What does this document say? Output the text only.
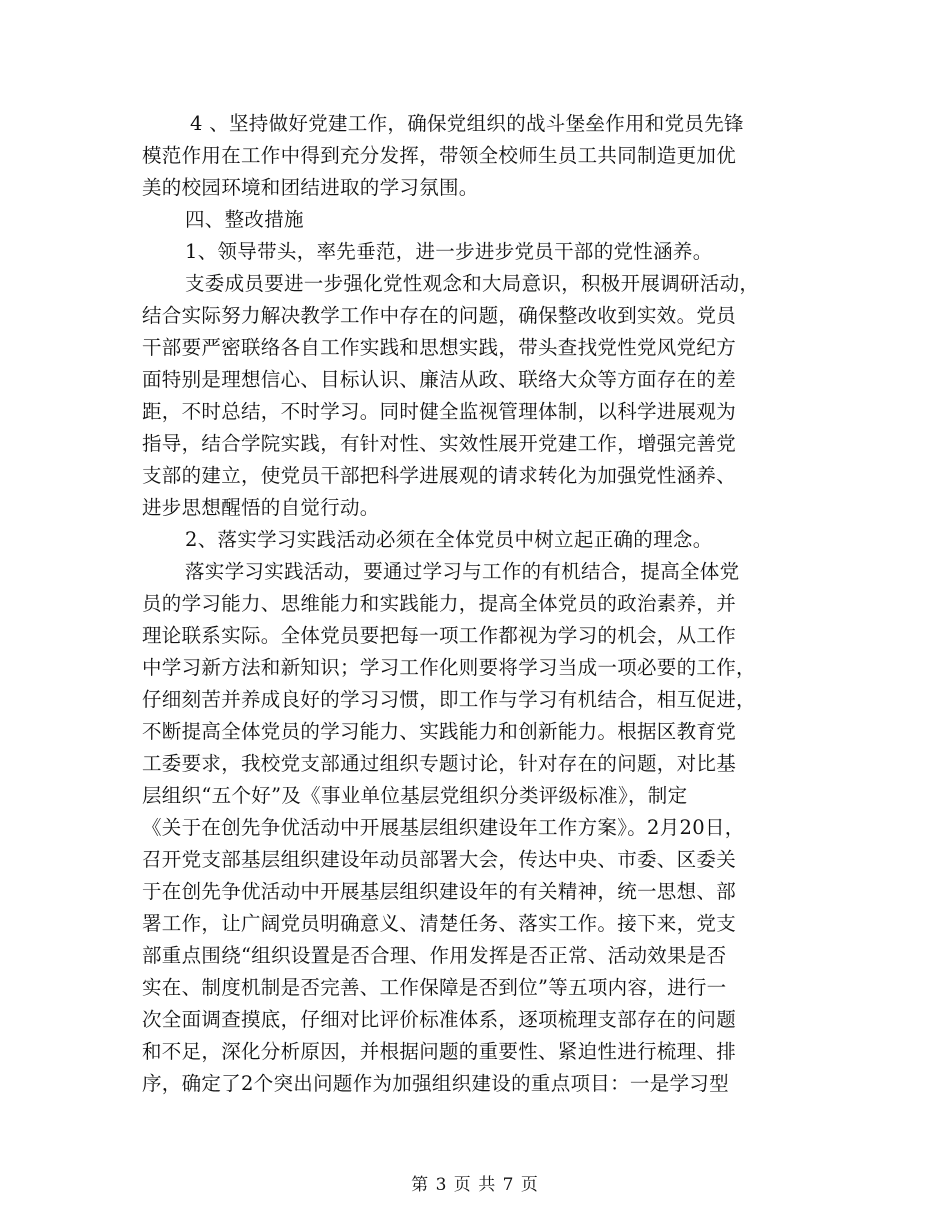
4 、坚持做好党建工作，确保党组织的战斗堡垒作用和党员先锋
模范作用在工作中得到充分发挥，带领全校师生员工共同制造更加优
美的校园环境和团结进取的学习氛围。
四、整改措施
1、领导带头，率先垂范，进一步进步党员干部的党性涵养。
支委成员要进一步强化党性观念和大局意识，积极开展调研活动，
结合实际努力解决教学工作中存在的问题，确保整改收到实效。党员
干部要严密联络各自工作实践和思想实践，带头查找党性党风党纪方
面特别是理想信心、目标认识、廉洁从政、联络大众等方面存在的差
距，不时总结，不时学习。同时健全监视管理体制，以科学进展观为
指导，结合学院实践，有针对性、实效性展开党建工作，增强完善党
支部的建立，使党员干部把科学进展观的请求转化为加强党性涵养、
进步思想醒悟的自觉行动。
2、落实学习实践活动必须在全体党员中树立起正确的理念。
落实学习实践活动，要通过学习与工作的有机结合，提高全体党
员的学习能力、思维能力和实践能力，提高全体党员的政治素养，并
理论联系实际。全体党员要把每一项工作都视为学习的机会，从工作
中学习新方法和新知识；学习工作化则要将学习当成一项必要的工作，
仔细刻苦并养成良好的学习习惯，即工作与学习有机结合，相互促进，
不断提高全体党员的学习能力、实践能力和创新能力。根据区教育党
工委要求，我校党支部通过组织专题讨论，针对存在的问题，对比基
层组织“五个好”及《事业单位基层党组织分类评级标准》，制定
《关于在创先争优活动中开展基层组织建设年工作方案》。2月20日，
召开党支部基层组织建设年动员部署大会，传达中央、市委、区委关
于在创先争优活动中开展基层组织建设年的有关精神，统一思想、部
署工作，让广阔党员明确意义、清楚任务、落实工作。接下来，党支
部重点围绕“组织设置是否合理、作用发挥是否正常、活动效果是否
实在、制度机制是否完善、工作保障是否到位”等五项内容，进行一
次全面调查摸底，仔细对比评价标准体系，逐项梳理支部存在的问题
和不足，深化分析原因，并根据问题的重要性、紧迫性进行梳理、排
序，确定了2个突出问题作为加强组织建设的重点项目：一是学习型
第 3 页 共 7 页
